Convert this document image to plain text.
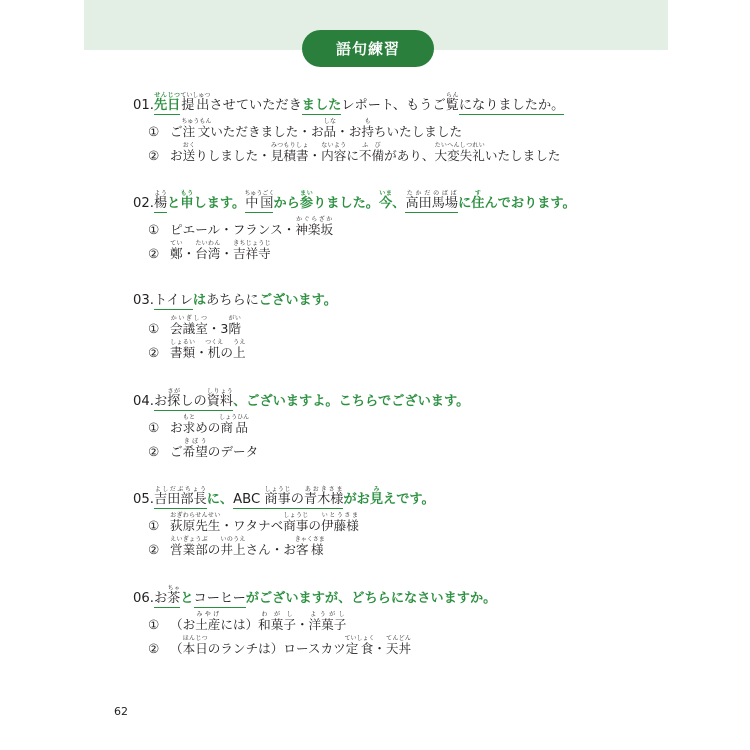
語句練習
01.先日せんじつ提出ていしゅつさせていただきましたレポート、もうご覧らんになりましたか。
① ご注文ちゅうもんいただきました・お品しな・お持もちいたしました
② お送おくりしました・見積書みつもりしょ・内容ないように不備ふびがあり、大変失礼たいへんしつれいいたしました
02.楊ようと申もうします。中国ちゅうごくから参まいりました。今いま、高田馬場たかだのばばに住すんでおります。
① ピエール・フランス・神楽坂かぐらざか
② 鄭てい・台湾たいわん・吉祥寺きちじょうじ
03.トイレはあちらにございます。
① 会議室かいぎしつ・3階がい
② 書類しょるい・机つくえの上うえ
04.お探さがしの資料しりょう、ございますよ。こちらでございます。
① お求もとめの商品しょうひん
② ご希望きぼうのデータ
05.吉田部長よしだぶちょうに、ABC 商事しょうじの青木様あおきさまがお見みえです。
① 荻原先生おぎわらせんせい・ワタナベ商事しょうじの伊藤様いとうさま
② 営業部えいぎょうぶの井上いのうえさん・お客様きゃくさま
06.お茶ちゃとコーヒーがございますが、どちらになさいますか。
① （お土産みやげには）和菓子わがし・洋菓子ようがし
② （本日ほんじつのランチは）ロースカツ定食ていしょく・天丼てんどん
62
